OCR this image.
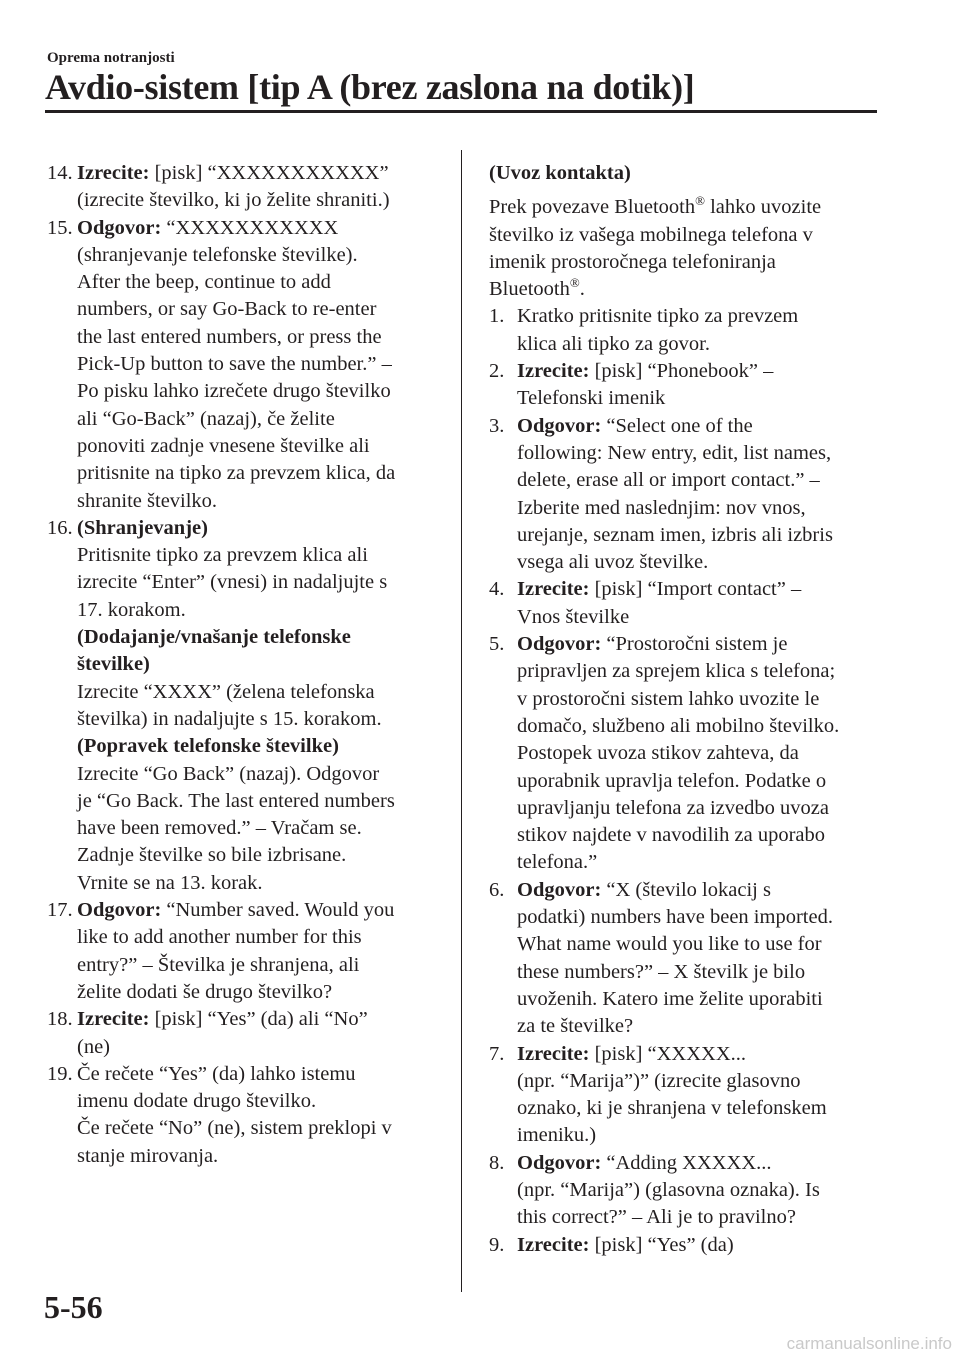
Oprema notranjosti
Avdio-sistem [tip A (brez zaslona na dotik)]
14. Izrecite: [pisk] “XXXXXXXXXXX”
(izrecite številko, ki jo želite shraniti.)

15. Odgovor: “XXXXXXXXXXX
(shranjevanje telefonske številke).
After the beep, continue to add
numbers, or say Go-Back to re-enter
the last entered numbers, or press the
Pick-Up button to save the number.” –
Po pisku lahko izrečete drugo številko
ali “Go-Back” (nazaj), če želite
ponoviti zadnje vnesene številke ali
pritisnite na tipko za prevzem klica, da
shranite številko.

16. (Shranjevanje)
Pritisnite tipko za prevzem klica ali
izrecite “Enter” (vnesi) in nadaljujte s
17. korakom.

(Dodajanje/vnašanje telefonske
številke)

Izrecite “XXXX” (želena telefonska
številka) in nadaljujte s 15. korakom.

(Popravek telefonske številke)

Izrecite “Go Back” (nazaj). Odgovor
je “Go Back. The last entered numbers
have been removed.” – Vračam se.
Zadnje številke so bile izbrisane.
Vrnite se na 13. korak.

17. Odgovor: “Number saved. Would you
like to add another number for this
entry?” – Številka je shranjena, ali
želite dodati še drugo številko?

18. Izrecite: [pisk] “Yes” (da) ali “No”
(ne)

19. Če rečete “Yes” (da) lahko istemu
imenu dodate drugo številko.
Če rečete “No” (ne), sistem preklopi v
stanje mirovanja.

(Uvoz kontakta)

Prek povezave Bluetooth® lahko uvozite
številko iz vašega mobilnega telefona v
imenik prostoročnega telefoniranja
Bluetooth®.

1. Kratko pritisnite tipko za prevzem
klica ali tipko za govor.

2. Izrecite: [pisk] “Phonebook” –
Telefonski imenik

3. Odgovor: “Select one of the
following: New entry, edit, list names,
delete, erase all or import contact.” –
Izberite med naslednjim: nov vnos,
urejanje, seznam imen, izbris ali izbris
vsega ali uvoz številke.

4. Izrecite: [pisk] “Import contact” –
Vnos številke

5. Odgovor: “Prostoročni sistem je
pripravljen za sprejem klica s telefona;
v prostoročni sistem lahko uvozite le
domačo, službeno ali mobilno številko.
Postopek uvoza stikov zahteva, da
uporabnik upravlja telefon. Podatke o
upravljanju telefona za izvedbo uvoza
stikov najdete v navodilih za uporabo
telefona.”

6. Odgovor: “X (število lokacij s
podatki) numbers have been imported.
What name would you like to use for
these numbers?” – X številk je bilo
uvoženih. Katero ime želite uporabiti
za te številke?

7. Izrecite: [pisk] “XXXXX...
(npr. “Marija”)” (izrecite glasovno
oznako, ki je shranjena v telefonskem
imeniku.)

8. Odgovor: “Adding XXXXX...
(npr. “Marija”) (glasovna oznaka). Is
this correct?” – Ali je to pravilno?

9. Izrecite: [pisk] “Yes” (da)

5-56
carmanualsonline.info
